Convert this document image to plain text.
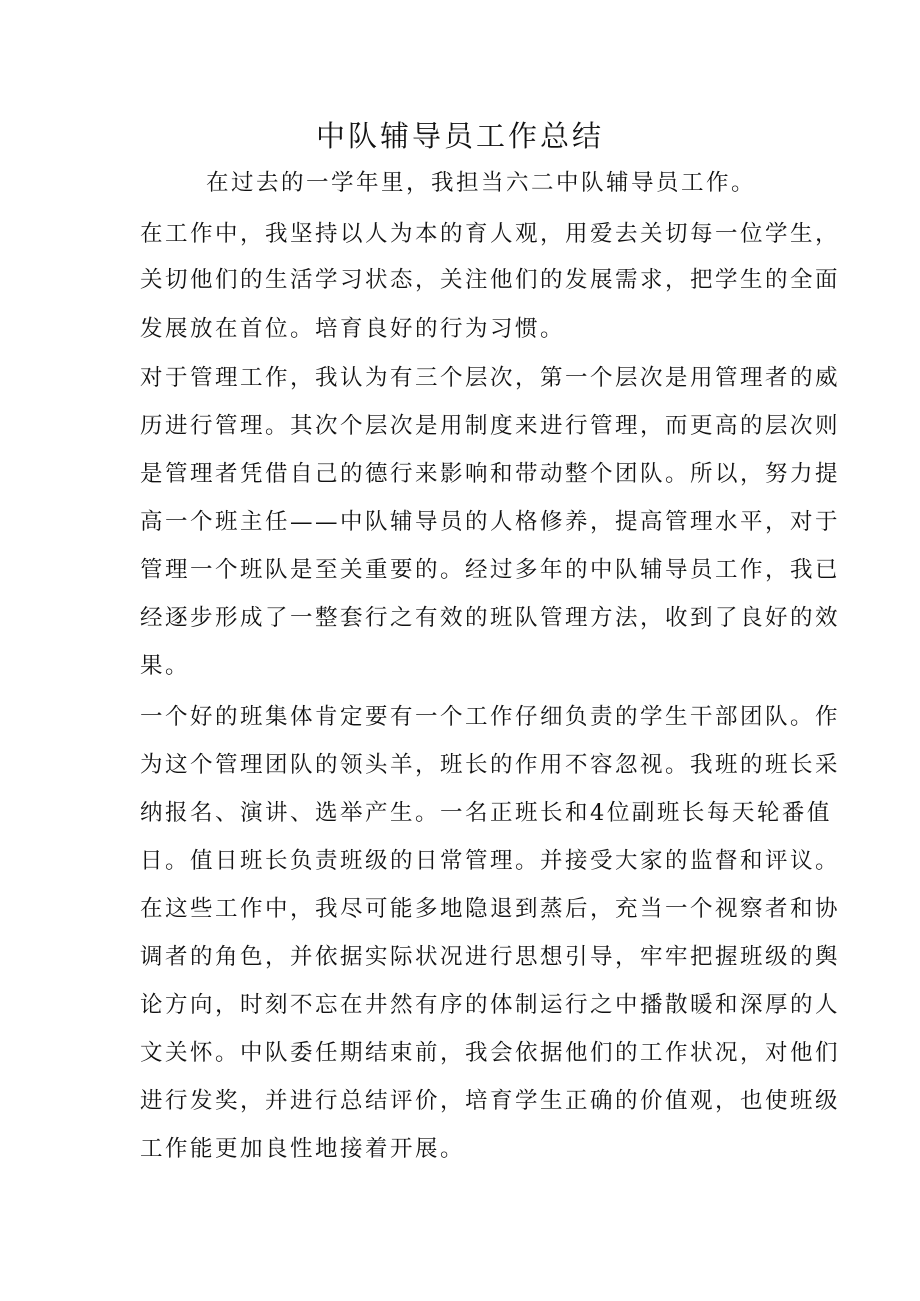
中队辅导员工作总结
在过去的一学年里，我担当六二中队辅导员工作。
在工作中，我坚持以人为本的育人观，用爱去关切每一位学生，
关切他们的生活学习状态，关注他们的发展需求，把学生的全面
发展放在首位。培育良好的行为习惯。
对于管理工作，我认为有三个层次，第一个层次是用管理者的威
历进行管理。其次个层次是用制度来进行管理，而更高的层次则
是管理者凭借自己的德行来影响和带动整个团队。所以，努力提
高一个班主任——中队辅导员的人格修养，提高管理水平，对于
管理一个班队是至关重要的。经过多年的中队辅导员工作，我已
经逐步形成了一整套行之有效的班队管理方法，收到了良好的效
果。
一个好的班集体肯定要有一个工作仔细负责的学生干部团队。作
为这个管理团队的领头羊，班长的作用不容忽视。我班的班长采
纳报名、演讲、选举产生。一名正班长和4位副班长每天轮番值
日。值日班长负责班级的日常管理。并接受大家的监督和评议。
在这些工作中，我尽可能多地隐退到蒸后，充当一个视察者和协
调者的角色，并依据实际状况进行思想引导，牢牢把握班级的舆
论方向，时刻不忘在井然有序的体制运行之中播散暖和深厚的人
文关怀。中队委任期结束前，我会依据他们的工作状况，对他们
进行发奖，并进行总结评价，培育学生正确的价值观，也使班级
工作能更加良性地接着开展。
